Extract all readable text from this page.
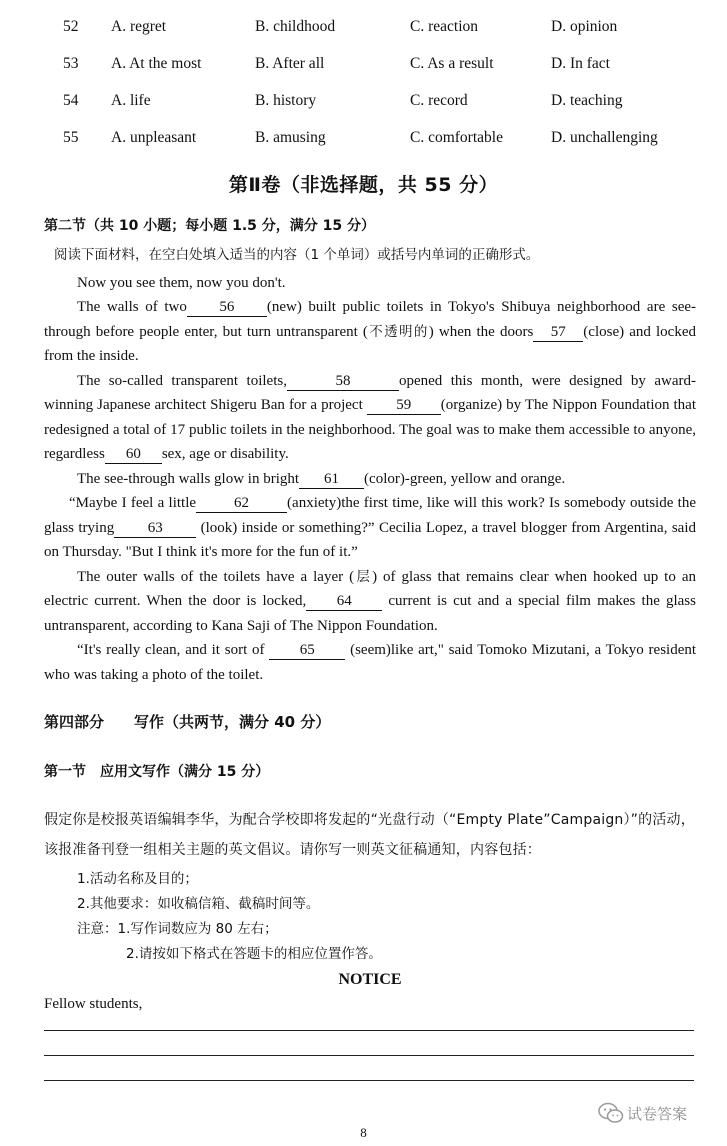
52 A. regret	B. childhood	C. reaction	D. opinion
53 A. At the most	B. After all	C. As a result	D. In fact
54 A. life	B. history	C. record	D. teaching
55 A. unpleasant	B. amusing	C. comfortable	D. unchallenging
第Ⅱ卷（非选择题，共 55 分）
第二节（共 10 小题；每小题 1.5 分，满分 15 分）

阅读下面材料，在空白处填入适当的内容（1 个单词）或括号内单词的正确形式。

Now you see them, now you don't.

The walls of two 56 (new) built public toilets in Tokyo's Shibuya neighborhood are see-through before people enter, but turn untransparent (不透明的) when the doors 57 (close) and locked from the inside.

The so-called transparent toilets,	58	opened this month, were designed by award-winning Japanese architect Shigeru Ban for a project 59 (organize) by The Nippon Foundation that redesigned a total of 17 public toilets in the neighborhood. The goal was to make them accessible to anyone, regardless 60 sex, age or disability.

The see-through walls glow in bright 61 (color)-green, yellow and orange.

“Maybe I feel a little	62	(anxiety)the first time, like will this work? Is somebody outside the glass trying 63	(look) inside or something?” Cecilia Lopez, a travel blogger from Argentina, said on Thursday. "But I think it's more for the fun of it.”

The outer walls of the toilets have a layer (层) of glass that remains clear when hooked up to an electric current. When the door is locked, 64 current is cut and a special film makes the glass untransparent, according to Kana Saji of The Nippon Foundation.

“It's really clean, and it sort of 65 (seem)like art," said Tomoko Mizutani, a Tokyo resident who was taking a photo of the toilet.

第四部分　　写作（共两节，满分 40 分）
第一节　应用文写作（满分 15 分）

假定你是校报英语编辑李华，为配合学校即将发起的“光盘行动（“Empty Plate”Campaign）”的活动，该报准备刊登一组相关主题的英文倡议。请你写一则英文征稿通知，内容包括：

1.活动名称及目的；

2.其他要求：如收稿信箱、截稿时间等。

注意：1.写作词数应为 80 左右；

2.请按如下格式在答题卡的相应位置作答。

NOTICE

Fellow students,

试卷答案
8
